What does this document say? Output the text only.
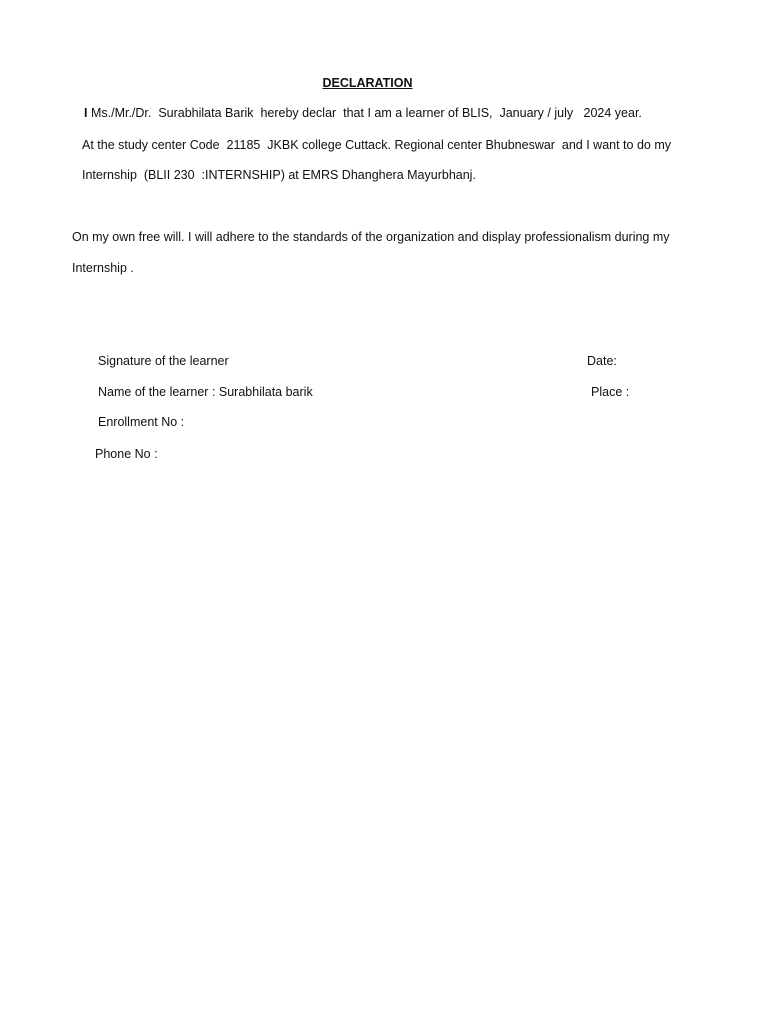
DECLARATION
I Ms./Mr./Dr.  Surabhilata Barik  hereby declar  that I am a learner of BLIS,  January / july   2024 year.
At the study center Code  21185  JKBK college Cuttack. Regional center Bhubneswar  and I want to do my
Internship  (BLII 230  :INTERNSHIP) at EMRS Dhanghera Mayurbhanj.
On my own free will. I will adhere to the standards of the organization and display professionalism during my
Internship .
Signature of the learner	Date:
Name of the learner : Surabhilata barik	Place :
Enrollment No :
Phone No :
